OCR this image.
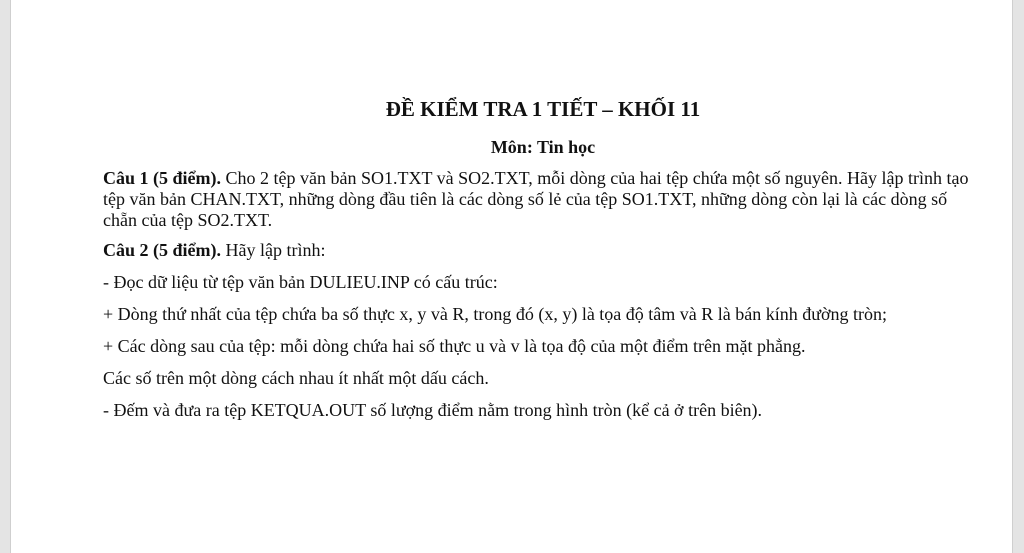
ĐỀ KIỂM TRA 1 TIẾT – KHỐI 11
Môn: Tin học

Câu 1 (5 điểm). Cho 2 tệp văn bản SO1.TXT và SO2.TXT, mỗi dòng của hai tệp chứa một số nguyên. Hãy lập trình tạo tệp văn bản CHAN.TXT, những dòng đầu tiên là các dòng số lẻ của tệp SO1.TXT, những dòng còn lại là các dòng số chẵn của tệp SO2.TXT.

Câu 2 (5 điểm). Hãy lập trình:

- Đọc dữ liệu từ tệp văn bản DULIEU.INP có cấu trúc:

+ Dòng thứ nhất của tệp chứa ba số thực x, y và R, trong đó (x, y) là tọa độ tâm và R là bán kính đường tròn;

+ Các dòng sau của tệp: mỗi dòng chứa hai số thực u và v là tọa độ của một điểm trên mặt phẳng.

Các số trên một dòng cách nhau ít nhất một dấu cách.

- Đếm và đưa ra tệp KETQUA.OUT số lượng điểm nằm trong hình tròn (kể cả ở trên biên).
